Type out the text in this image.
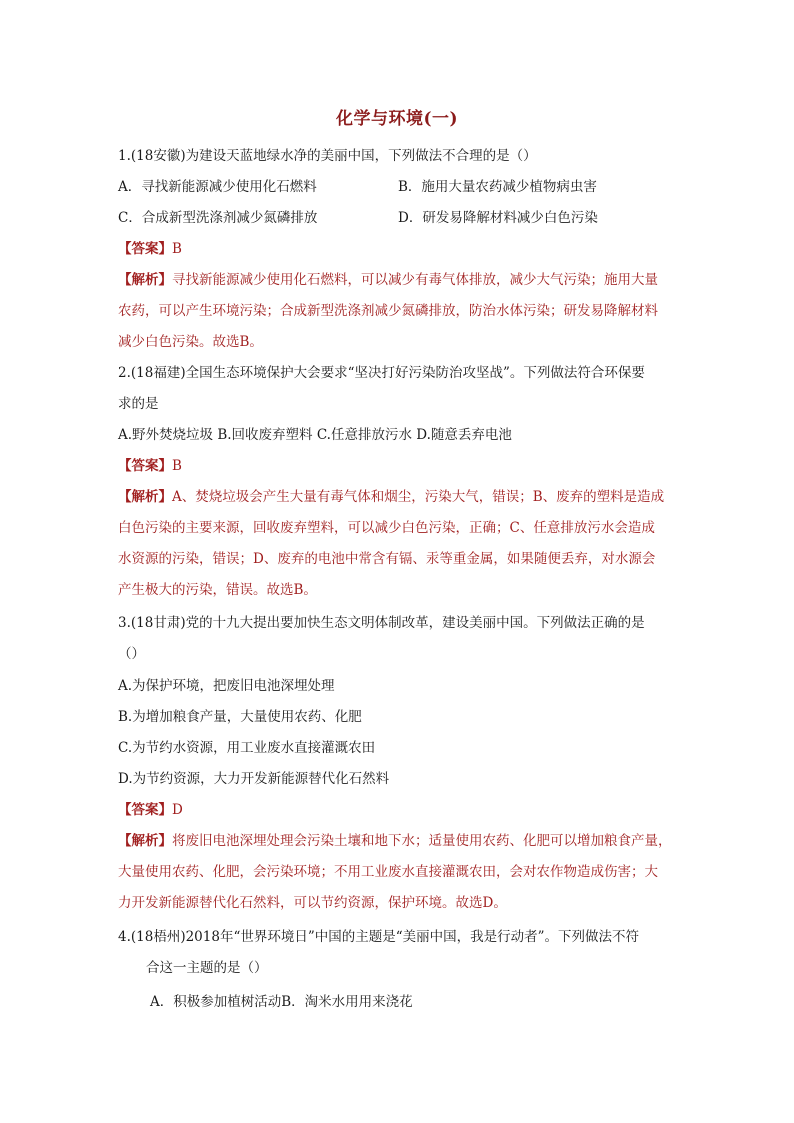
化学与环境(一)
1.(18安徽)为建设天蓝地绿水净的美丽中国，下列做法不合理的是（）
A．寻找新能源减少使用化石燃料	B．施用大量农药减少植物病虫害
C．合成新型洗涤剂减少氮磷排放	D．研发易降解材料减少白色污染
【答案】B
【解析】寻找新能源减少使用化石燃料，可以减少有毒气体排放，减少大气污染；施用大量
农药，可以产生环境污染；合成新型洗涤剂减少氮磷排放，防治水体污染；研发易降解材料
减少白色污染。故选B。
2.(18福建)全国生态环境保护大会要求“坚决打好污染防治攻坚战”。下列做法符合环保要
求的是
A.野外焚烧垃圾 B.回收废弃塑料 C.任意排放污水 D.随意丢弃电池
【答案】B
【解析】A、焚烧垃圾会产生大量有毒气体和烟尘，污染大气，错误；B、废弃的塑料是造成
白色污染的主要来源，回收废弃塑料，可以减少白色污染，正确；C、任意排放污水会造成
水资源的污染，错误；D、废弃的电池中常含有镉、汞等重金属，如果随便丢弃，对水源会
产生极大的污染，错误。故选B。
3.(18甘肃)党的十九大提出要加快生态文明体制改革，建设美丽中国。下列做法正确的是
（）
A.为保护环境，把废旧电池深埋处理
B.为增加粮食产量，大量使用农药、化肥
C.为节约水资源，用工业废水直接灌溉农田
D.为节约资源，大力开发新能源替代化石然料
【答案】D
【解析】将废旧电池深埋处理会污染土壤和地下水；适量使用农药、化肥可以增加粮食产量，
大量使用农药、化肥，会污染环境；不用工业废水直接灌溉农田，会对农作物造成伤害；大
力开发新能源替代化石然料，可以节约资源，保护环境。故选D。
4.(18梧州)2018年“世界环境日”中国的主题是“美丽中国，我是行动者”。下列做法不符
合这一主题的是（）
A．积极参加植树活动B．淘米水用用来浇花
